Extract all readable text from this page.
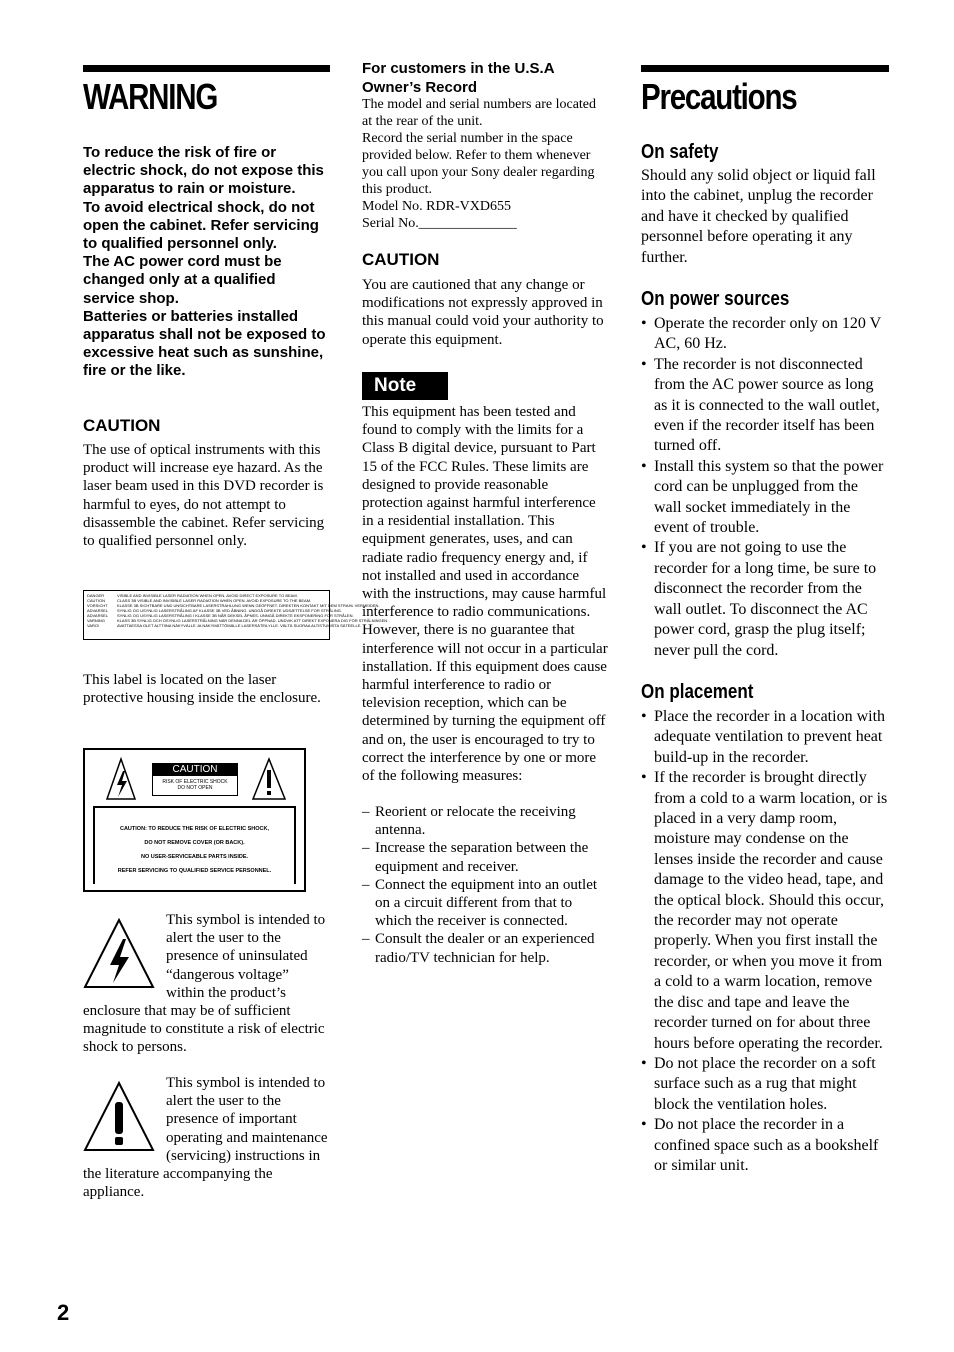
WARNING

To reduce the risk of fire or electric shock, do not expose this apparatus to rain or moisture.

To avoid electrical shock, do not open the cabinet. Refer servicing to qualified personnel only.

The AC power cord must be changed only at a qualified service shop.

Batteries or batteries installed apparatus shall not be exposed to excessive heat such as sunshine, fire or the like.

CAUTION

The use of optical instruments with this product will increase eye hazard. As the laser beam used in this DVD recorder is harmful to eyes, do not attempt to disassemble the cabinet. Refer servicing to qualified personnel only.

DANGER	VISIBLE AND INVISIBLE LASER RADIATION WHEN OPEN. AVOID DIRECT EXPOSURE TO BEAM.
CAUTION	CLASS 3B VISIBLE AND INVISIBLE LASER RADIATION WHEN OPEN. AVOID EXPOSURE TO THE BEAM.
VORSICHT	KLASSE 3B SICHTBARE UND UNSICHTBARE LASERSTRAHLUNG WENN GEÖFFNET. DIREKTEN KONTAKT MIT DEM STRAHL VERMEIDEN.
ADVARSEL	SYNLIG OG USYNLIG LASERSTRÅLING AF KLASSE 3B VED ÅBNING. UNDGÅ DIREKTE UDSÆTTELSE FOR STRÅLING.
ADVARSEL	SYNLIG OG USYNLIG LASERSTRÅLING I KLASSE 3B NÅR DEKSEL ÅPNES. UNNGÅ DIREKTE EKSPONERING FOR STRÅLEN.
VARNING	KLASS 3B SYNLIG OCH OSYNLIG LASERSTRÅLNING NÄR DENNA DEL ÄR ÖPPNAD. UNDVIK ATT DIREKT EXPONERA DIG FÖR STRÅLNINGEN.
VARO!	AVATTAESSA OLET ALTTIINA NÄKYVÄLLE JA NÄKYMÄTTÖMÄLLE LASERSÄTEILYLLE. VÄLTÄ SUORAA ALTISTUMISTA SÄTEELLE.

This label is located on the laser protective housing inside the enclosure.

CAUTION
RISK OF ELECTRIC SHOCK
DO NOT OPEN
CAUTION: TO REDUCE THE RISK OF ELECTRIC SHOCK,
DO NOT REMOVE COVER (OR BACK).
NO USER-SERVICEABLE PARTS INSIDE.
REFER SERVICING TO QUALIFIED SERVICE PERSONNEL.

This symbol is intended to alert the user to the presence of uninsulated “dangerous voltage” within the product’s enclosure that may be of sufficient magnitude to constitute a risk of electric shock to persons.

This symbol is intended to alert the user to the presence of important operating and maintenance (servicing) instructions in the literature accompanying the appliance.

For customers in the U.S.A
Owner’s Record

The model and serial numbers are located at the rear of the unit.

Record the serial number in the space provided below. Refer to them whenever you call upon your Sony dealer regarding this product.

Model No. RDR-VXD655

Serial No.______________

CAUTION

You are cautioned that any change or modifications not expressly approved in this manual could void your authority to operate this equipment.

Note

This equipment has been tested and found to comply with the limits for a Class B digital device, pursuant to Part 15 of the FCC Rules. These limits are designed to provide reasonable protection against harmful interference in a residential installation. This equipment generates, uses, and can radiate radio frequency energy and, if not installed and used in accordance with the instructions, may cause harmful interference to radio communications. However, there is no guarantee that interference will not occur in a particular installation. If this equipment does cause harmful interference to radio or television reception, which can be determined by turning the equipment off and on, the user is encouraged to try to correct the interference by one or more of the following measures:

– Reorient or relocate the receiving antenna.
– Increase the separation between the equipment and receiver.
– Connect the equipment into an outlet on a circuit different from that to which the receiver is connected.
– Consult the dealer or an experienced radio/TV technician for help.
Precautions
On safety

Should any solid object or liquid fall into the cabinet, unplug the recorder and have it checked by qualified personnel before operating it any further.

On power sources
• Operate the recorder only on 120 V AC, 60 Hz.
• The recorder is not disconnected from the AC power source as long as it is connected to the wall outlet, even if the recorder itself has been turned off.
• Install this system so that the power cord can be unplugged from the wall socket immediately in the event of trouble.
• If you are not going to use the recorder for a long time, be sure to disconnect the recorder from the wall outlet. To disconnect the AC power cord, grasp the plug itself; never pull the cord.
On placement
• Place the recorder in a location with adequate ventilation to prevent heat build-up in the recorder.
• If the recorder is brought directly from a cold to a warm location, or is placed in a very damp room, moisture may condense on the lenses inside the recorder and cause damage to the video head, tape, and the optical block. Should this occur, the recorder may not operate properly. When you first install the recorder, or when you move it from a cold to a warm location, remove the disc and tape and leave the recorder turned on for about three hours before operating the recorder.
• Do not place the recorder on a soft surface such as a rug that might block the ventilation holes.
• Do not place the recorder in a confined space such as a bookshelf or similar unit.
2
